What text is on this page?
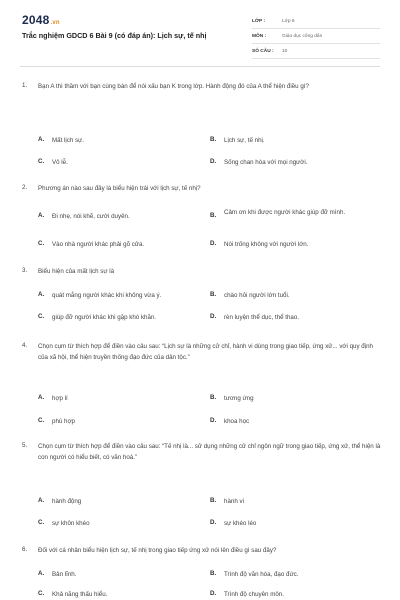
2048.vn
Trắc nghiệm GDCD 6 Bài 9 (có đáp án): Lịch sự, tế nhị
LỚP :	Lớp 6
MÔN :	Giáo dục công dân
SỐ CÂU :	10
1. Bạn A thì thầm với bạn cùng bàn để nói xấu bạn K trong lớp. Hành động đó của A thể hiện điều gì?
A. Mất lịch sự.	B. Lịch sự, tế nhị.
C. Vô lễ.	D. Sống chan hòa với mọi người.
2. Phương án nào sau đây là biểu hiện trái với lịch sự, tế nhị?
A. Đi nhẹ, nói khẽ, cười duyên.	B. Cảm ơn khi được người khác giúp đỡ mình.
C. Vào nhà người khác phải gõ cửa.	D. Nói trống không với người lớn.
3. Biểu hiện của mất lịch sự là
A. quát mắng người khác khi không vừa ý.	B. chào hỏi người lớn tuổi.
C. giúp đỡ người khác khi gặp khó khăn.	D. rèn luyện thể dục, thể thao.
4. Chọn cụm từ thích hợp để điền vào câu sau: “Lịch sự là những cử chỉ, hành vi dùng trong giao tiếp, ứng xử... với quy định của xã hội, thể hiện truyền thống đạo đức của dân tộc.”
A. hợp lí	B. tương ứng
C. phù hợp	D. khoa học
5. Chọn cụm từ thích hợp để điền vào câu sau: “Tế nhị là... sử dụng những cử chỉ ngôn ngữ trong giao tiếp, ứng xử, thể hiện là con người có hiểu biết, có văn hoá.”
A. hành động	B. hành vi
C. sự khôn khéo	D. sự khéo léo
6. Đối với cá nhân biểu hiện lịch sự, tế nhị trong giao tiếp ứng xử nói lên điều gì sau đây?
A. Bản lĩnh.	B. Trình độ văn hóa, đạo đức.
C. Khả năng thấu hiểu.	D. Trình độ chuyên môn.
